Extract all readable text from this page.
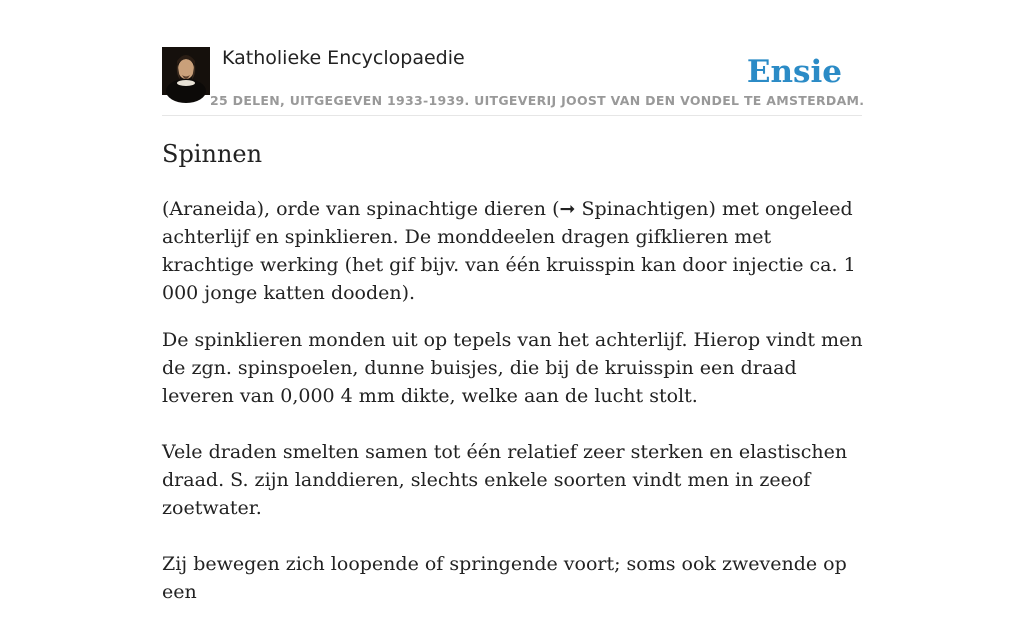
Katholieke Encyclopaedie
25 DELEN, UITGEGEVEN 1933-1939. UITGEVERIJ JOOST VAN DEN VONDEL TE AMSTERDAM.
Ensie
Spinnen

(Araneida), orde van spinachtige dieren (➞ Spinachtigen) met ongeleed achterlijf en spinklieren. De monddeelen dragen gifklieren met krachtige werking (het gif bijv. van één kruisspin kan door injectie ca. 1 000 jonge katten dooden).

De spinklieren monden uit op tepels van het achterlijf. Hierop vindt men de zgn. spinspoelen, dunne buisjes, die bij de kruisspin een draad leveren van 0,000 4 mm dikte, welke aan de lucht stolt.

Vele draden smelten samen tot één relatief zeer sterken en elastischen draad. S. zijn landdieren, slechts enkele soorten vindt men in zeeof zoetwater.

Zij bewegen zich loopende of springende voort; soms ook zwevende op een
